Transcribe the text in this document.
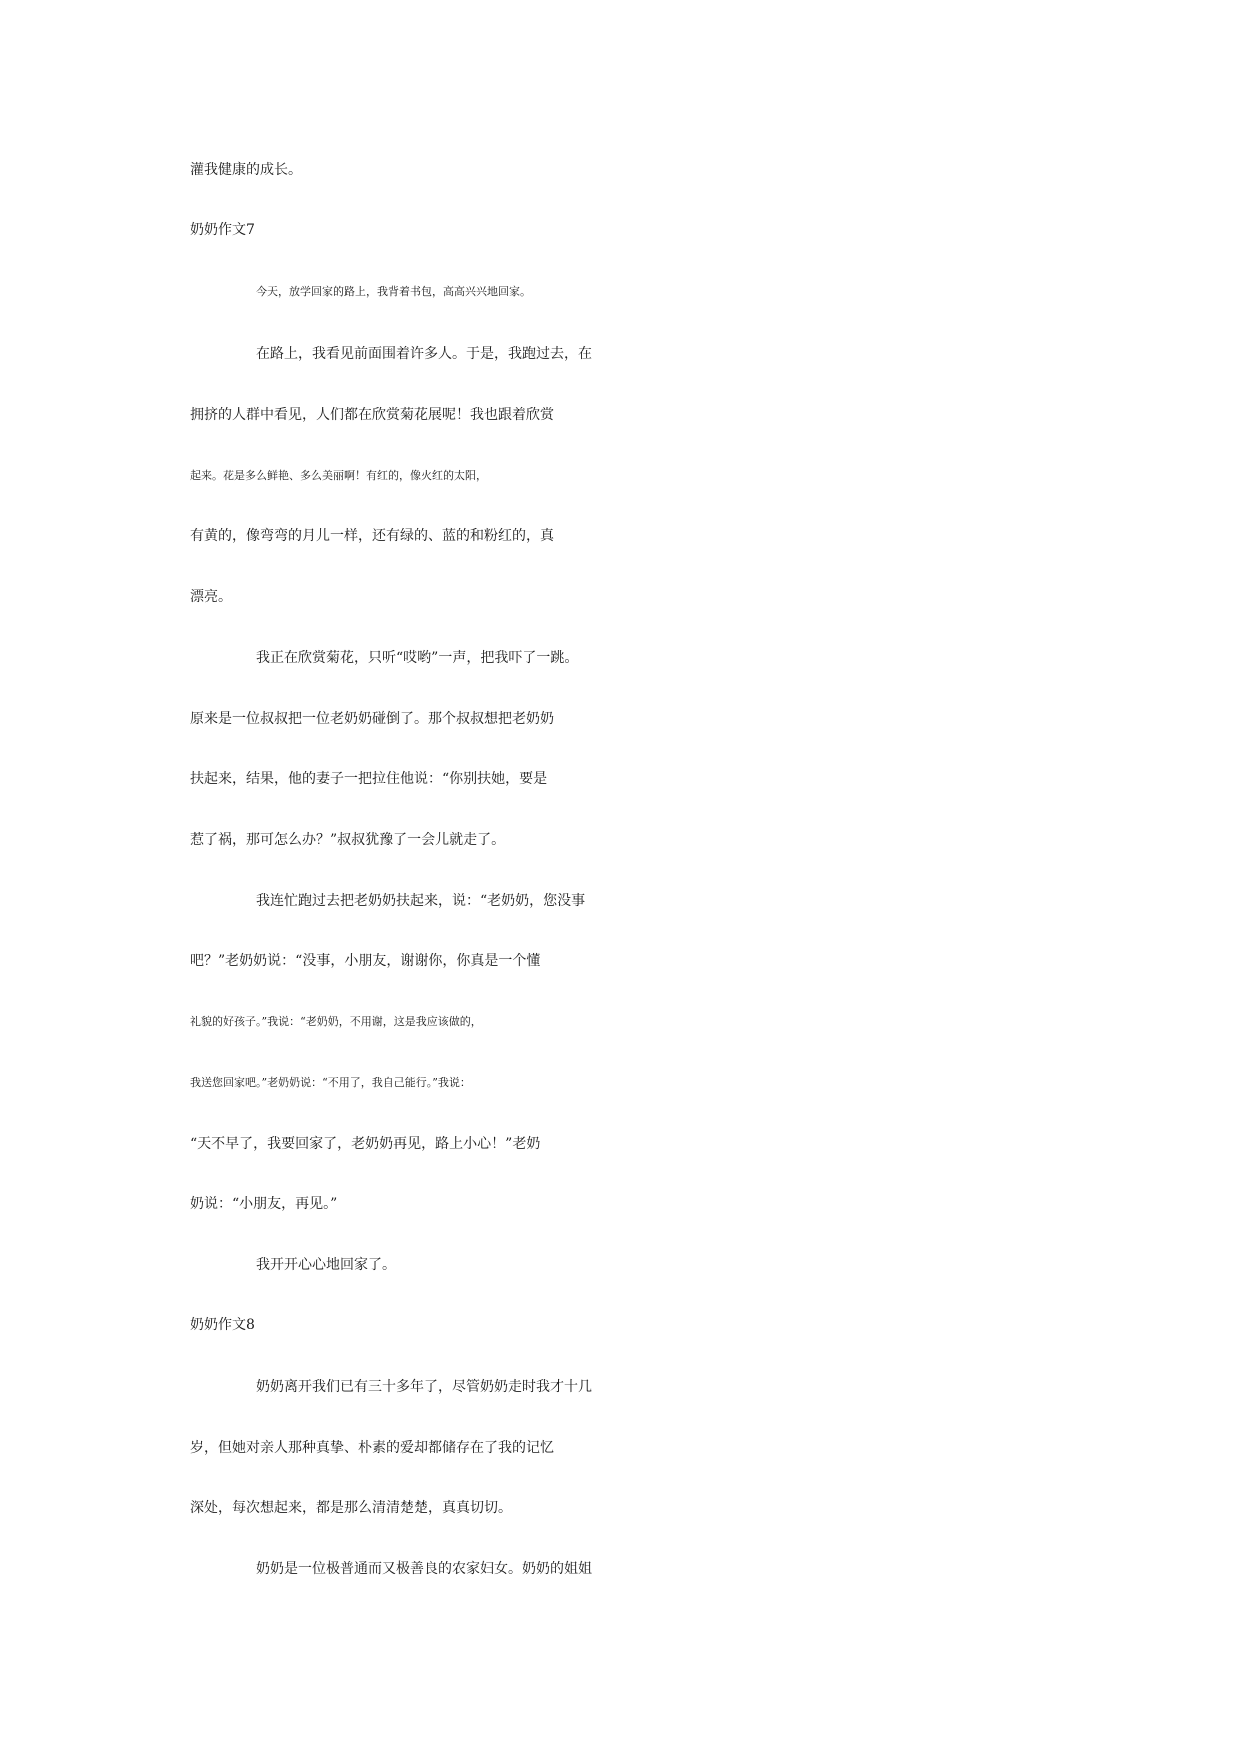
灌我健康的成长。

奶奶作文7

今天，放学回家的路上，我背着书包，高高兴兴地回家。

在路上，我看见前面围着许多人。于是，我跑过去，在

拥挤的人群中看见，人们都在欣赏菊花展呢！我也跟着欣赏

起来。花是多么鲜艳、多么美丽啊！有红的，像火红的太阳，

有黄的，像弯弯的月儿一样，还有绿的、蓝的和粉红的，真

漂亮。

我正在欣赏菊花，只听“哎哟”一声，把我吓了一跳。

原来是一位叔叔把一位老奶奶碰倒了。那个叔叔想把老奶奶

扶起来，结果，他的妻子一把拉住他说：“你别扶她，要是

惹了祸，那可怎么办？”叔叔犹豫了一会儿就走了。

我连忙跑过去把老奶奶扶起来，说：“老奶奶，您没事

吧？”老奶奶说：“没事，小朋友，谢谢你，你真是一个懂

礼貌的好孩子。”我说：“老奶奶，不用谢，这是我应该做的，

我送您回家吧。”老奶奶说：“不用了，我自己能行。”我说：

“天不早了，我要回家了，老奶奶再见，路上小心！”老奶

奶说：“小朋友，再见。”

我开开心心地回家了。

奶奶作文8

奶奶离开我们已有三十多年了，尽管奶奶走时我才十几

岁，但她对亲人那种真挚、朴素的爱却都储存在了我的记忆

深处，每次想起来，都是那么清清楚楚，真真切切。

奶奶是一位极普通而又极善良的农家妇女。奶奶的姐姐
